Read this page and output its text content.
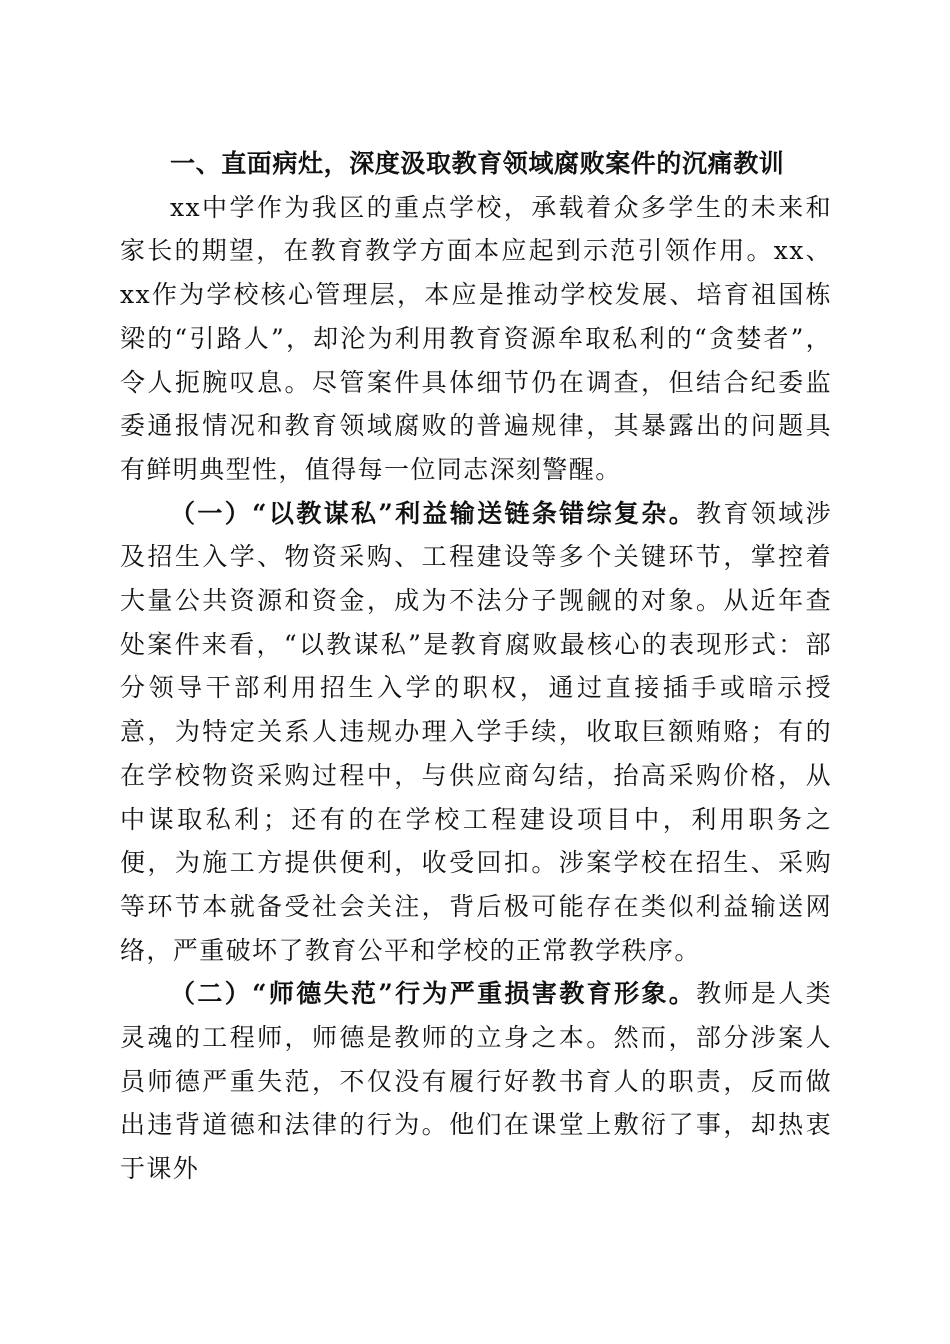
一、直面病灶，深度汲取教育领域腐败案件的沉痛教训

xx中学作为我区的重点学校，承载着众多学生的未来和家长的期望，在教育教学方面本应起到示范引领作用。xx、xx作为学校核心管理层，本应是推动学校发展、培育祖国栋梁的“引路人”，却沦为利用教育资源牟取私利的“贪婪者”，令人扼腕叹息。尽管案件具体细节仍在调查，但结合纪委监委通报情况和教育领域腐败的普遍规律，其暴露出的问题具有鲜明典型性，值得每一位同志深刻警醒。

（一）“以教谋私”利益输送链条错综复杂。教育领域涉及招生入学、物资采购、工程建设等多个关键环节，掌控着大量公共资源和资金，成为不法分子觊觎的对象。从近年查处案件来看，“以教谋私”是教育腐败最核心的表现形式：部分领导干部利用招生入学的职权，通过直接插手或暗示授意，为特定关系人违规办理入学手续，收取巨额贿赂；有的在学校物资采购过程中，与供应商勾结，抬高采购价格，从中谋取私利；还有的在学校工程建设项目中，利用职务之便，为施工方提供便利，收受回扣。涉案学校在招生、采购等环节本就备受社会关注，背后极可能存在类似利益输送网络，严重破坏了教育公平和学校的正常教学秩序。

（二）“师德失范”行为严重损害教育形象。教师是人类灵魂的工程师，师德是教师的立身之本。然而，部分涉案人员师德严重失范，不仅没有履行好教书育人的职责，反而做出违背道德和法律的行为。他们在课堂上敷衍了事，却热衷于课外
